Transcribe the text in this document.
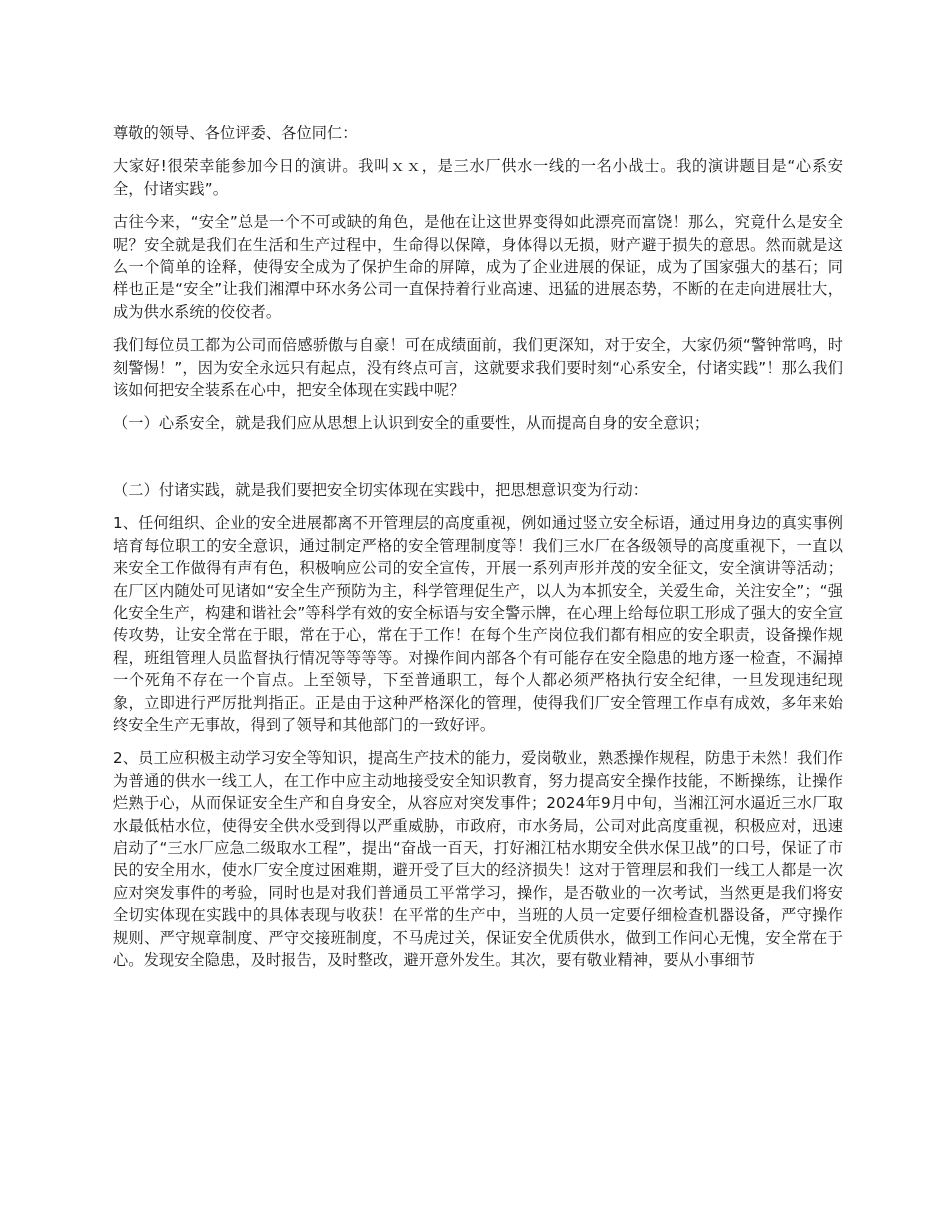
尊敬的领导、各位评委、各位同仁：

大家好!很荣幸能参加今日的演讲。我叫ｘｘ，是三水厂供水一线的一名小战士。我的演讲题目是“心系安全，付诸实践”。

古往今来，“安全”总是一个不可或缺的角色，是他在让这世界变得如此漂亮而富饶！那么，究竟什么是安全呢？安全就是我们在生活和生产过程中，生命得以保障，身体得以无损，财产避于损失的意思。然而就是这么一个简单的诠释，使得安全成为了保护生命的屏障，成为了企业进展的保证，成为了国家强大的基石；同样也正是“安全”让我们湘潭中环水务公司一直保持着行业高速、迅猛的进展态势，不断的在走向进展壮大，成为供水系统的佼佼者。

我们每位员工都为公司而倍感骄傲与自豪！可在成绩面前，我们更深知，对于安全，大家仍须“警钟常鸣，时刻警惕！”，因为安全永远只有起点，没有终点可言，这就要求我们要时刻“心系安全，付诸实践”！那么我们该如何把安全装系在心中，把安全体现在实践中呢？

（一）心系安全，就是我们应从思想上认识到安全的重要性，从而提高自身的安全意识；

（二）付诸实践，就是我们要把安全切实体现在实践中，把思想意识变为行动：

1、任何组织、企业的安全进展都离不开管理层的高度重视，例如通过竖立安全标语，通过用身边的真实事例培育每位职工的安全意识，通过制定严格的安全管理制度等！我们三水厂在各级领导的高度重视下，一直以来安全工作做得有声有色，积极响应公司的安全宣传，开展一系列声形并茂的安全征文，安全演讲等活动；在厂区内随处可见诸如“安全生产预防为主，科学管理促生产，以人为本抓安全，关爱生命，关注安全”；“强化安全生产，构建和谐社会”等科学有效的安全标语与安全警示牌，在心理上给每位职工形成了强大的安全宣传攻势，让安全常在于眼，常在于心，常在于工作！在每个生产岗位我们都有相应的安全职责，设备操作规程，班组管理人员监督执行情况等等等等。对操作间内部各个有可能存在安全隐患的地方逐一检查，不漏掉一个死角不存在一个盲点。上至领导，下至普通职工，每个人都必须严格执行安全纪律，一旦发现违纪现象，立即进行严厉批判指正。正是由于这种严格深化的管理，使得我们厂安全管理工作卓有成效，多年来始终安全生产无事故，得到了领导和其他部门的一致好评。

2、员工应积极主动学习安全等知识，提高生产技术的能力，爱岗敬业，熟悉操作规程，防患于未然！我们作为普通的供水一线工人，在工作中应主动地接受安全知识教育，努力提高安全操作技能，不断操练，让操作烂熟于心，从而保证安全生产和自身安全，从容应对突发事件；2024年9月中旬，当湘江河水逼近三水厂取水最低枯水位，使得安全供水受到得以严重威胁，市政府，市水务局，公司对此高度重视，积极应对，迅速启动了“三水厂应急二级取水工程”，提出“奋战一百天，打好湘江枯水期安全供水保卫战”的口号，保证了市民的安全用水，使水厂安全度过困难期，避开受了巨大的经济损失！这对于管理层和我们一线工人都是一次应对突发事件的考验，同时也是对我们普通员工平常学习，操作，是否敬业的一次考试，当然更是我们将安全切实体现在实践中的具体表现与收获！在平常的生产中，当班的人员一定要仔细检查机器设备，严守操作规则、严守规章制度、严守交接班制度，不马虎过关，保证安全优质供水，做到工作问心无愧，安全常在于心。发现安全隐患，及时报告，及时整改，避开意外发生。其次，要有敬业精神，要从小事细节
